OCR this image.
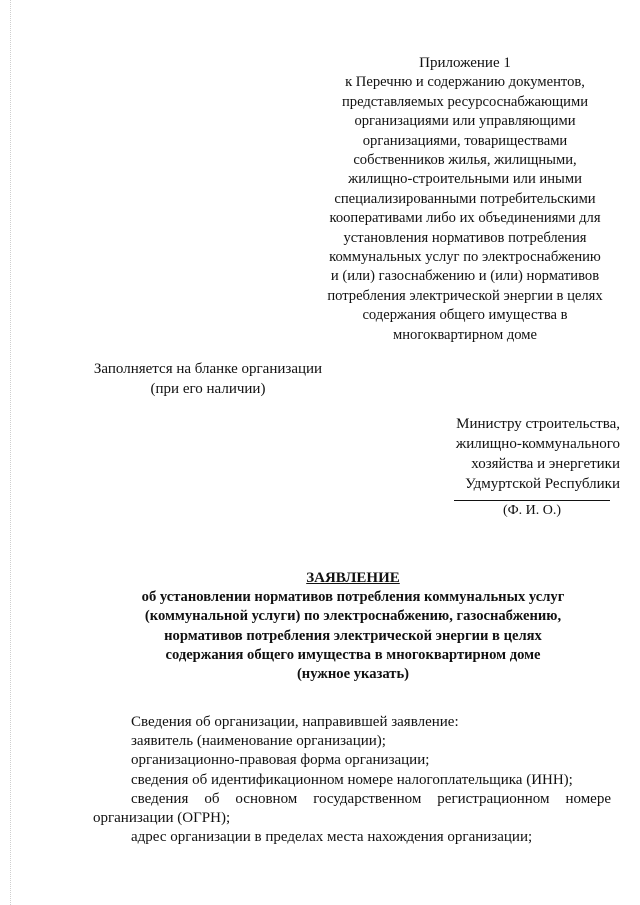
Приложение 1
к Перечню и содержанию документов,
представляемых ресурсоснабжающими
организациями или управляющими
организациями, товариществами
собственников жилья, жилищными,
жилищно-строительными или иными
специализированными потребительскими
кооперативами либо их объединениями для
установления нормативов потребления
коммунальных услуг по электроснабжению
и (или) газоснабжению и (или) нормативов
потребления электрической энергии в целях
содержания общего имущества в
многоквартирном доме
Заполняется на бланке организации
(при его наличии)
Министру строительства,
жилищно-коммунального
хозяйства и энергетики
Удмуртской Республики
(Ф. И. О.)
ЗАЯВЛЕНИЕ
об установлении нормативов потребления коммунальных услуг
(коммунальной услуги) по электроснабжению, газоснабжению,
нормативов потребления электрической энергии в целях
содержания общего имущества в многоквартирном доме
(нужное указать)
Сведения об организации, направившей заявление:
заявитель (наименование организации);
организационно-правовая форма организации;
сведения об идентификационном номере налогоплательщика (ИНН);
сведения об основном государственном регистрационном номере
организации (ОГРН);
адрес организации в пределах места нахождения организации;
